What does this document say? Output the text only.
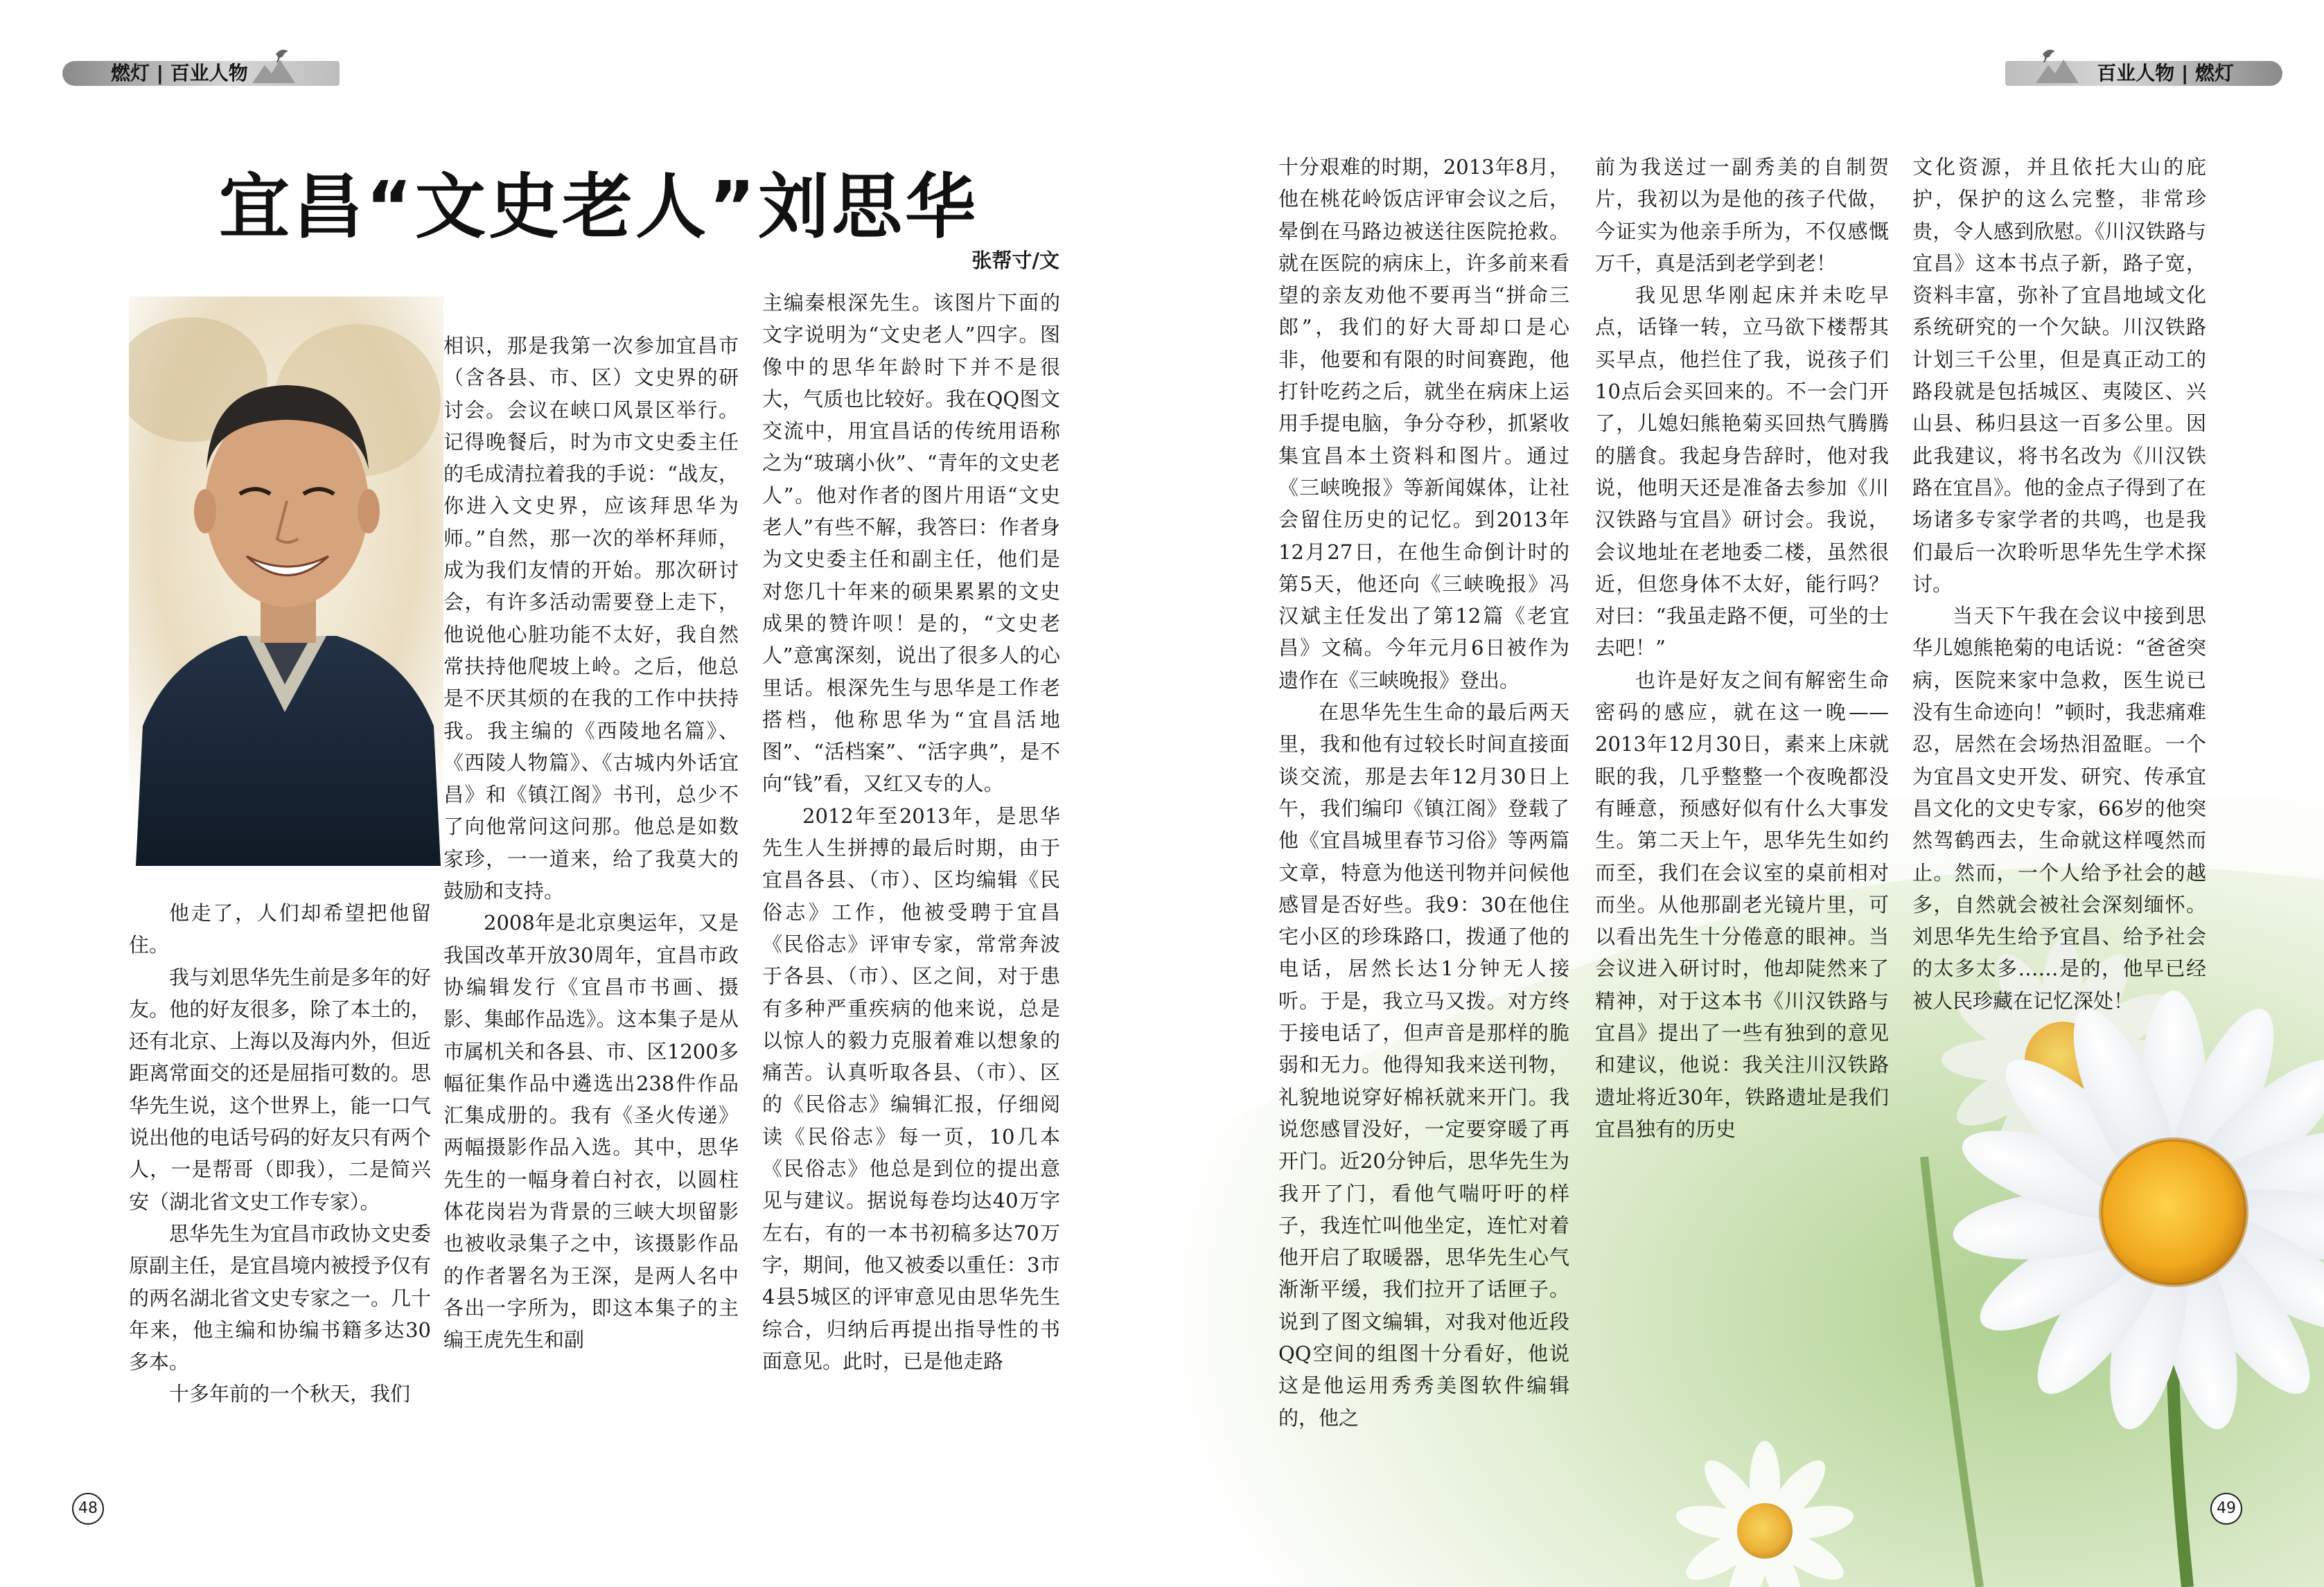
燃灯 | 百业人物
宜昌“文史老人”刘思华
张帮寸/文

他走了，人们却希望把他留住。

我与刘思华先生前是多年的好友。他的好友很多，除了本土的，还有北京、上海以及海内外，但近距离常面交的还是屈指可数的。思华先生说，这个世界上，能一口气说出他的电话号码的好友只有两个人，一是帮哥（即我），二是简兴安（湖北省文史工作专家）。

思华先生为宜昌市政协文史委原副主任，是宜昌境内被授予仅有的两名湖北省文史专家之一。几十年来，他主编和协编书籍多达30多本。

十多年前的一个秋天，我们

相识，那是我第一次参加宜昌市（含各县、市、区）文史界的研讨会。会议在峡口风景区举行。记得晚餐后，时为市文史委主任的毛成清拉着我的手说：“战友，你进入文史界，应该拜思华为师。”自然，那一次的举杯拜师，成为我们友情的开始。那次研讨会，有许多活动需要登上走下，他说他心脏功能不太好，我自然常扶持他爬坡上岭。之后，他总是不厌其烦的在我的工作中扶持我。我主编的《西陵地名篇》、《西陵人物篇》、《古城内外话宜昌》和《镇江阁》书刊，总少不了向他常问这问那。他总是如数家珍，一一道来，给了我莫大的鼓励和支持。

2008年是北京奥运年，又是我国改革开放30周年，宜昌市政协编辑发行《宜昌市书画、摄影、集邮作品选》。这本集子是从市属机关和各县、市、区1200多幅征集作品中遴选出238件作品汇集成册的。我有《圣火传递》两幅摄影作品入选。其中，思华先生的一幅身着白衬衣，以圆柱体花岗岩为背景的三峡大坝留影也被收录集子之中，该摄影作品的作者署名为王深，是两人名中各出一字所为，即这本集子的主编王虎先生和副

主编秦根深先生。该图片下面的文字说明为“文史老人”四字。图像中的思华年龄时下并不是很大，气质也比较好。我在QQ图文交流中，用宜昌话的传统用语称之为“玻璃小伙”、“青年的文史老人”。他对作者的图片用语“文史老人”有些不解，我答曰：作者身为文史委主任和副主任，他们是对您几十年来的硕果累累的文史成果的赞许呗！是的，“文史老人”意寓深刻，说出了很多人的心里话。根深先生与思华是工作老搭档，他称思华为“宜昌活地图”、“活档案”、“活字典”，是不向“钱”看，又红又专的人。

2012年至2013年，是思华先生人生拼搏的最后时期，由于宜昌各县、（市）、区均编辑《民俗志》工作，他被受聘于宜昌《民俗志》评审专家，常常奔波于各县、（市）、区之间，对于患有多种严重疾病的他来说，总是以惊人的毅力克服着难以想象的痛苦。认真听取各县、（市）、区的《民俗志》编辑汇报，仔细阅读《民俗志》每一页，10几本《民俗志》他总是到位的提出意见与建议。据说每卷均达40万字左右，有的一本书初稿多达70万字，期间，他又被委以重任：3市4县5城区的评审意见由思华先生综合，归纳后再提出指导性的书面意见。此时，已是他走路

48
百业人物 | 燃灯

十分艰难的时期，2013年8月，他在桃花岭饭店评审会议之后，晕倒在马路边被送往医院抢救。就在医院的病床上，许多前来看望的亲友劝他不要再当“拼命三郎”，我们的好大哥却口是心非，他要和有限的时间赛跑，他打针吃药之后，就坐在病床上运用手提电脑，争分夺秒，抓紧收集宜昌本土资料和图片。通过《三峡晚报》等新闻媒体，让社会留住历史的记忆。到2013年12月27日，在他生命倒计时的第5天，他还向《三峡晚报》冯汉斌主任发出了第12篇《老宜昌》文稿。今年元月6日被作为遗作在《三峡晚报》登出。

在思华先生生命的最后两天里，我和他有过较长时间直接面谈交流，那是去年12月30日上午，我们编印《镇江阁》登载了他《宜昌城里春节习俗》等两篇文章，特意为他送刊物并问候他感冒是否好些。我9：30在他住宅小区的珍珠路口，拨通了他的电话，居然长达1分钟无人接听。于是，我立马又拨。对方终于接电话了，但声音是那样的脆弱和无力。他得知我来送刊物，礼貌地说穿好棉袄就来开门。我说您感冒没好，一定要穿暖了再开门。近20分钟后，思华先生为我开了门，看他气喘吁吁的样子，我连忙叫他坐定，连忙对着他开启了取暖器，思华先生心气渐渐平缓，我们拉开了话匣子。说到了图文编辑，对我对他近段QQ空间的组图十分看好，他说这是他运用秀秀美图软件编辑的，他之

前为我送过一副秀美的自制贺片，我初以为是他的孩子代做，今证实为他亲手所为，不仅感慨万千，真是活到老学到老！

我见思华刚起床并未吃早点，话锋一转，立马欲下楼帮其买早点，他拦住了我，说孩子们10点后会买回来的。不一会门开了，儿媳妇熊艳菊买回热气腾腾的膳食。我起身告辞时，他对我说，他明天还是准备去参加《川汉铁路与宜昌》研讨会。我说，会议地址在老地委二楼，虽然很近，但您身体不太好，能行吗？对曰：“我虽走路不便，可坐的士去吧！”

也许是好友之间有解密生命密码的感应，就在这一晚——2013年12月30日，素来上床就眠的我，几乎整整一个夜晚都没有睡意，预感好似有什么大事发生。第二天上午，思华先生如约而至，我们在会议室的桌前相对而坐。从他那副老光镜片里，可以看出先生十分倦意的眼神。当会议进入研讨时，他却陡然来了精神，对于这本书《川汉铁路与宜昌》提出了一些有独到的意见和建议，他说：我关注川汉铁路遗址将近30年，铁路遗址是我们宜昌独有的历史

文化资源，并且依托大山的庇护，保护的这么完整，非常珍贵，令人感到欣慰。《川汉铁路与宜昌》这本书点子新，路子宽，资料丰富，弥补了宜昌地域文化系统研究的一个欠缺。川汉铁路计划三千公里，但是真正动工的路段就是包括城区、夷陵区、兴山县、秭归县这一百多公里。因此我建议，将书名改为《川汉铁路在宜昌》。他的金点子得到了在场诸多专家学者的共鸣，也是我们最后一次聆听思华先生学术探讨。

当天下午我在会议中接到思华儿媳熊艳菊的电话说：“爸爸突病，医院来家中急救，医生说已没有生命迹向！”顿时，我悲痛难忍，居然在会场热泪盈眶。一个为宜昌文史开发、研究、传承宜昌文化的文史专家，66岁的他突然驾鹤西去，生命就这样嘎然而止。然而，一个人给予社会的越多，自然就会被社会深刻缅怀。刘思华先生给予宜昌、给予社会的太多太多……是的，他早已经被人民珍藏在记忆深处！

49
